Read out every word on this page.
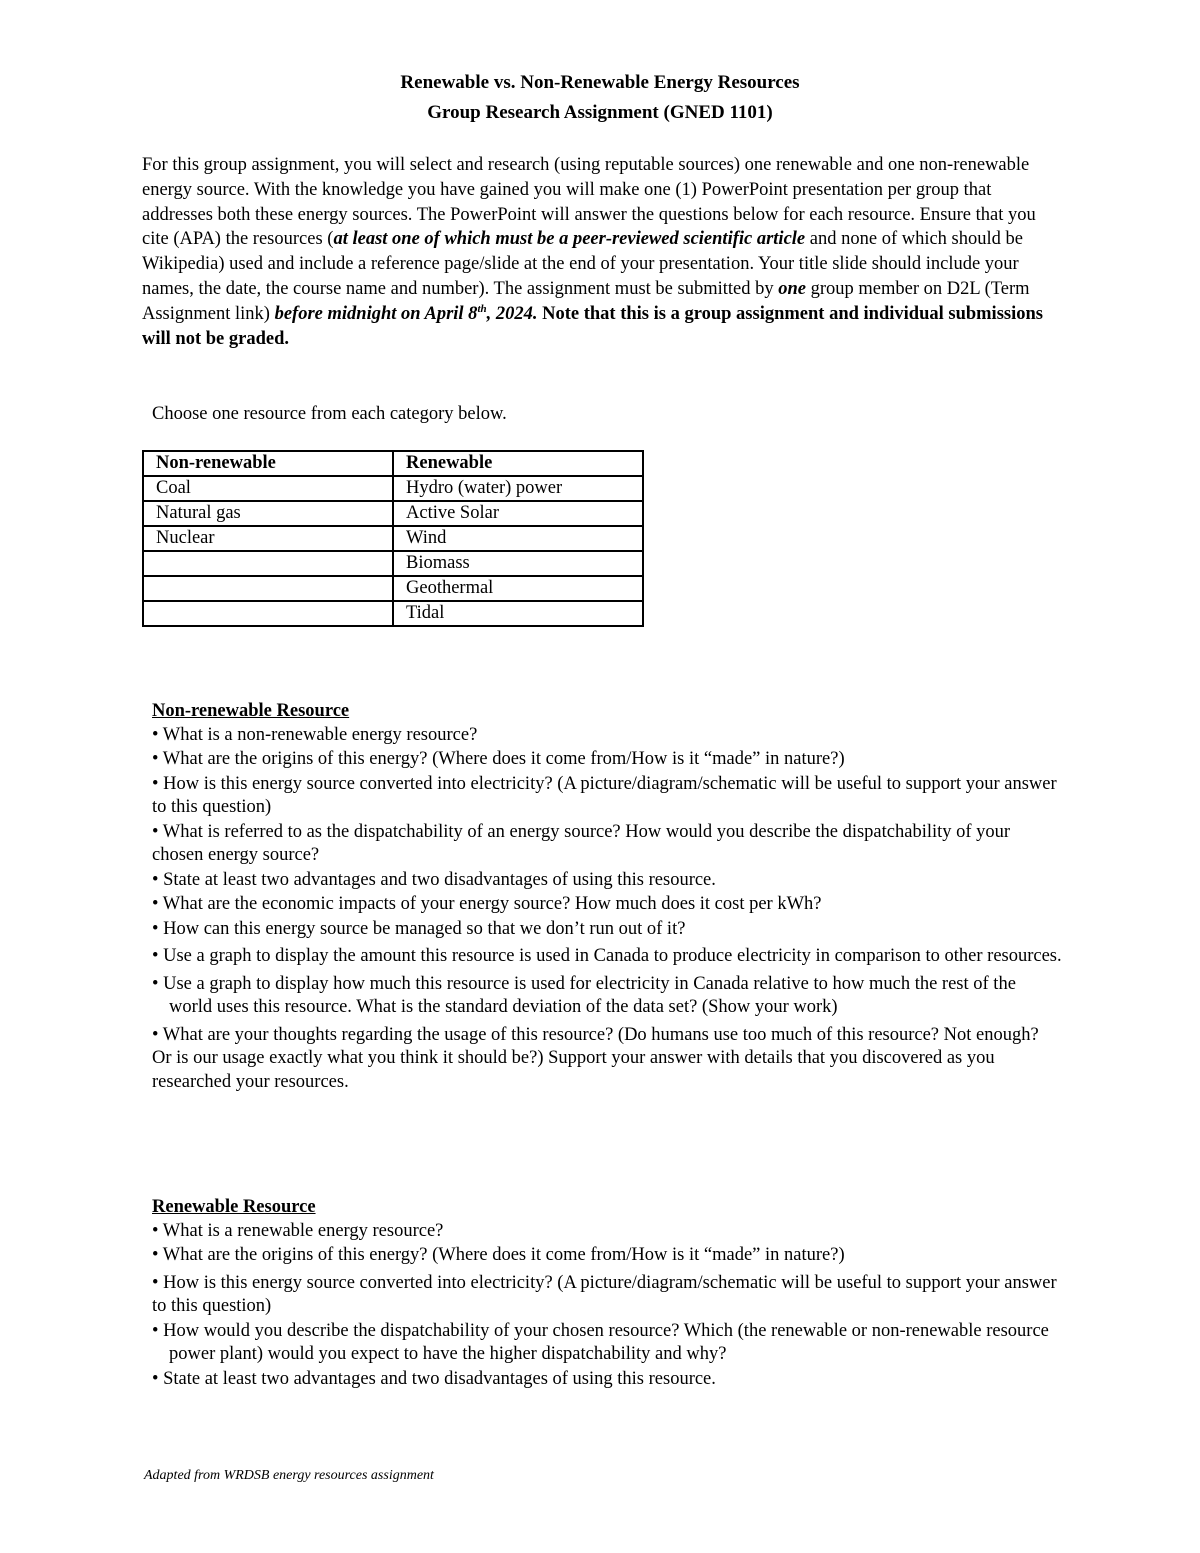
Renewable vs. Non-Renewable Energy Resources
Group Research Assignment (GNED 1101)
For this group assignment, you will select and research (using reputable sources) one renewable and one non-renewable energy source. With the knowledge you have gained you will make one (1) PowerPoint presentation per group that addresses both these energy sources. The PowerPoint will answer the questions below for each resource. Ensure that you cite (APA) the resources (at least one of which must be a peer-reviewed scientific article and none of which should be Wikipedia) used and include a reference page/slide at the end of your presentation. Your title slide should include your names, the date, the course name and number). The assignment must be submitted by one group member on D2L (Term Assignment link) before midnight on April 8th, 2024. Note that this is a group assignment and individual submissions will not be graded.
Choose one resource from each category below.
Non-renewable	Renewable
Coal	Hydro (water) power
Natural gas	Active Solar
Nuclear	Wind
	Biomass
	Geothermal
	Tidal
Non-renewable Resource

• What is a non-renewable energy resource?

• What are the origins of this energy? (Where does it come from/How is it “made” in nature?)

• How is this energy source converted into electricity? (A picture/diagram/schematic will be useful to support your answer to this question)

• What is referred to as the dispatchability of an energy source? How would you describe the dispatchability of your chosen energy source?

• State at least two advantages and two disadvantages of using this resource.

• What are the economic impacts of your energy source? How much does it cost per kWh?

• How can this energy source be managed so that we don’t run out of it?

• Use a graph to display the amount this resource is used in Canada to produce electricity in comparison to other resources.

• Use a graph to display how much this resource is used for electricity in Canada relative to how much the rest of the world uses this resource. What is the standard deviation of the data set? (Show your work)

• What are your thoughts regarding the usage of this resource? (Do humans use too much of this resource? Not enough? Or is our usage exactly what you think it should be?) Support your answer with details that you discovered as you researched your resources.

Renewable Resource

• What is a renewable energy resource?

• What are the origins of this energy? (Where does it come from/How is it “made” in nature?)

• How is this energy source converted into electricity? (A picture/diagram/schematic will be useful to support your answer to this question)

• How would you describe the dispatchability of your chosen resource? Which (the renewable or non-renewable resource power plant) would you expect to have the higher dispatchability and why?

• State at least two advantages and two disadvantages of using this resource.

Adapted from WRDSB energy resources assignment
